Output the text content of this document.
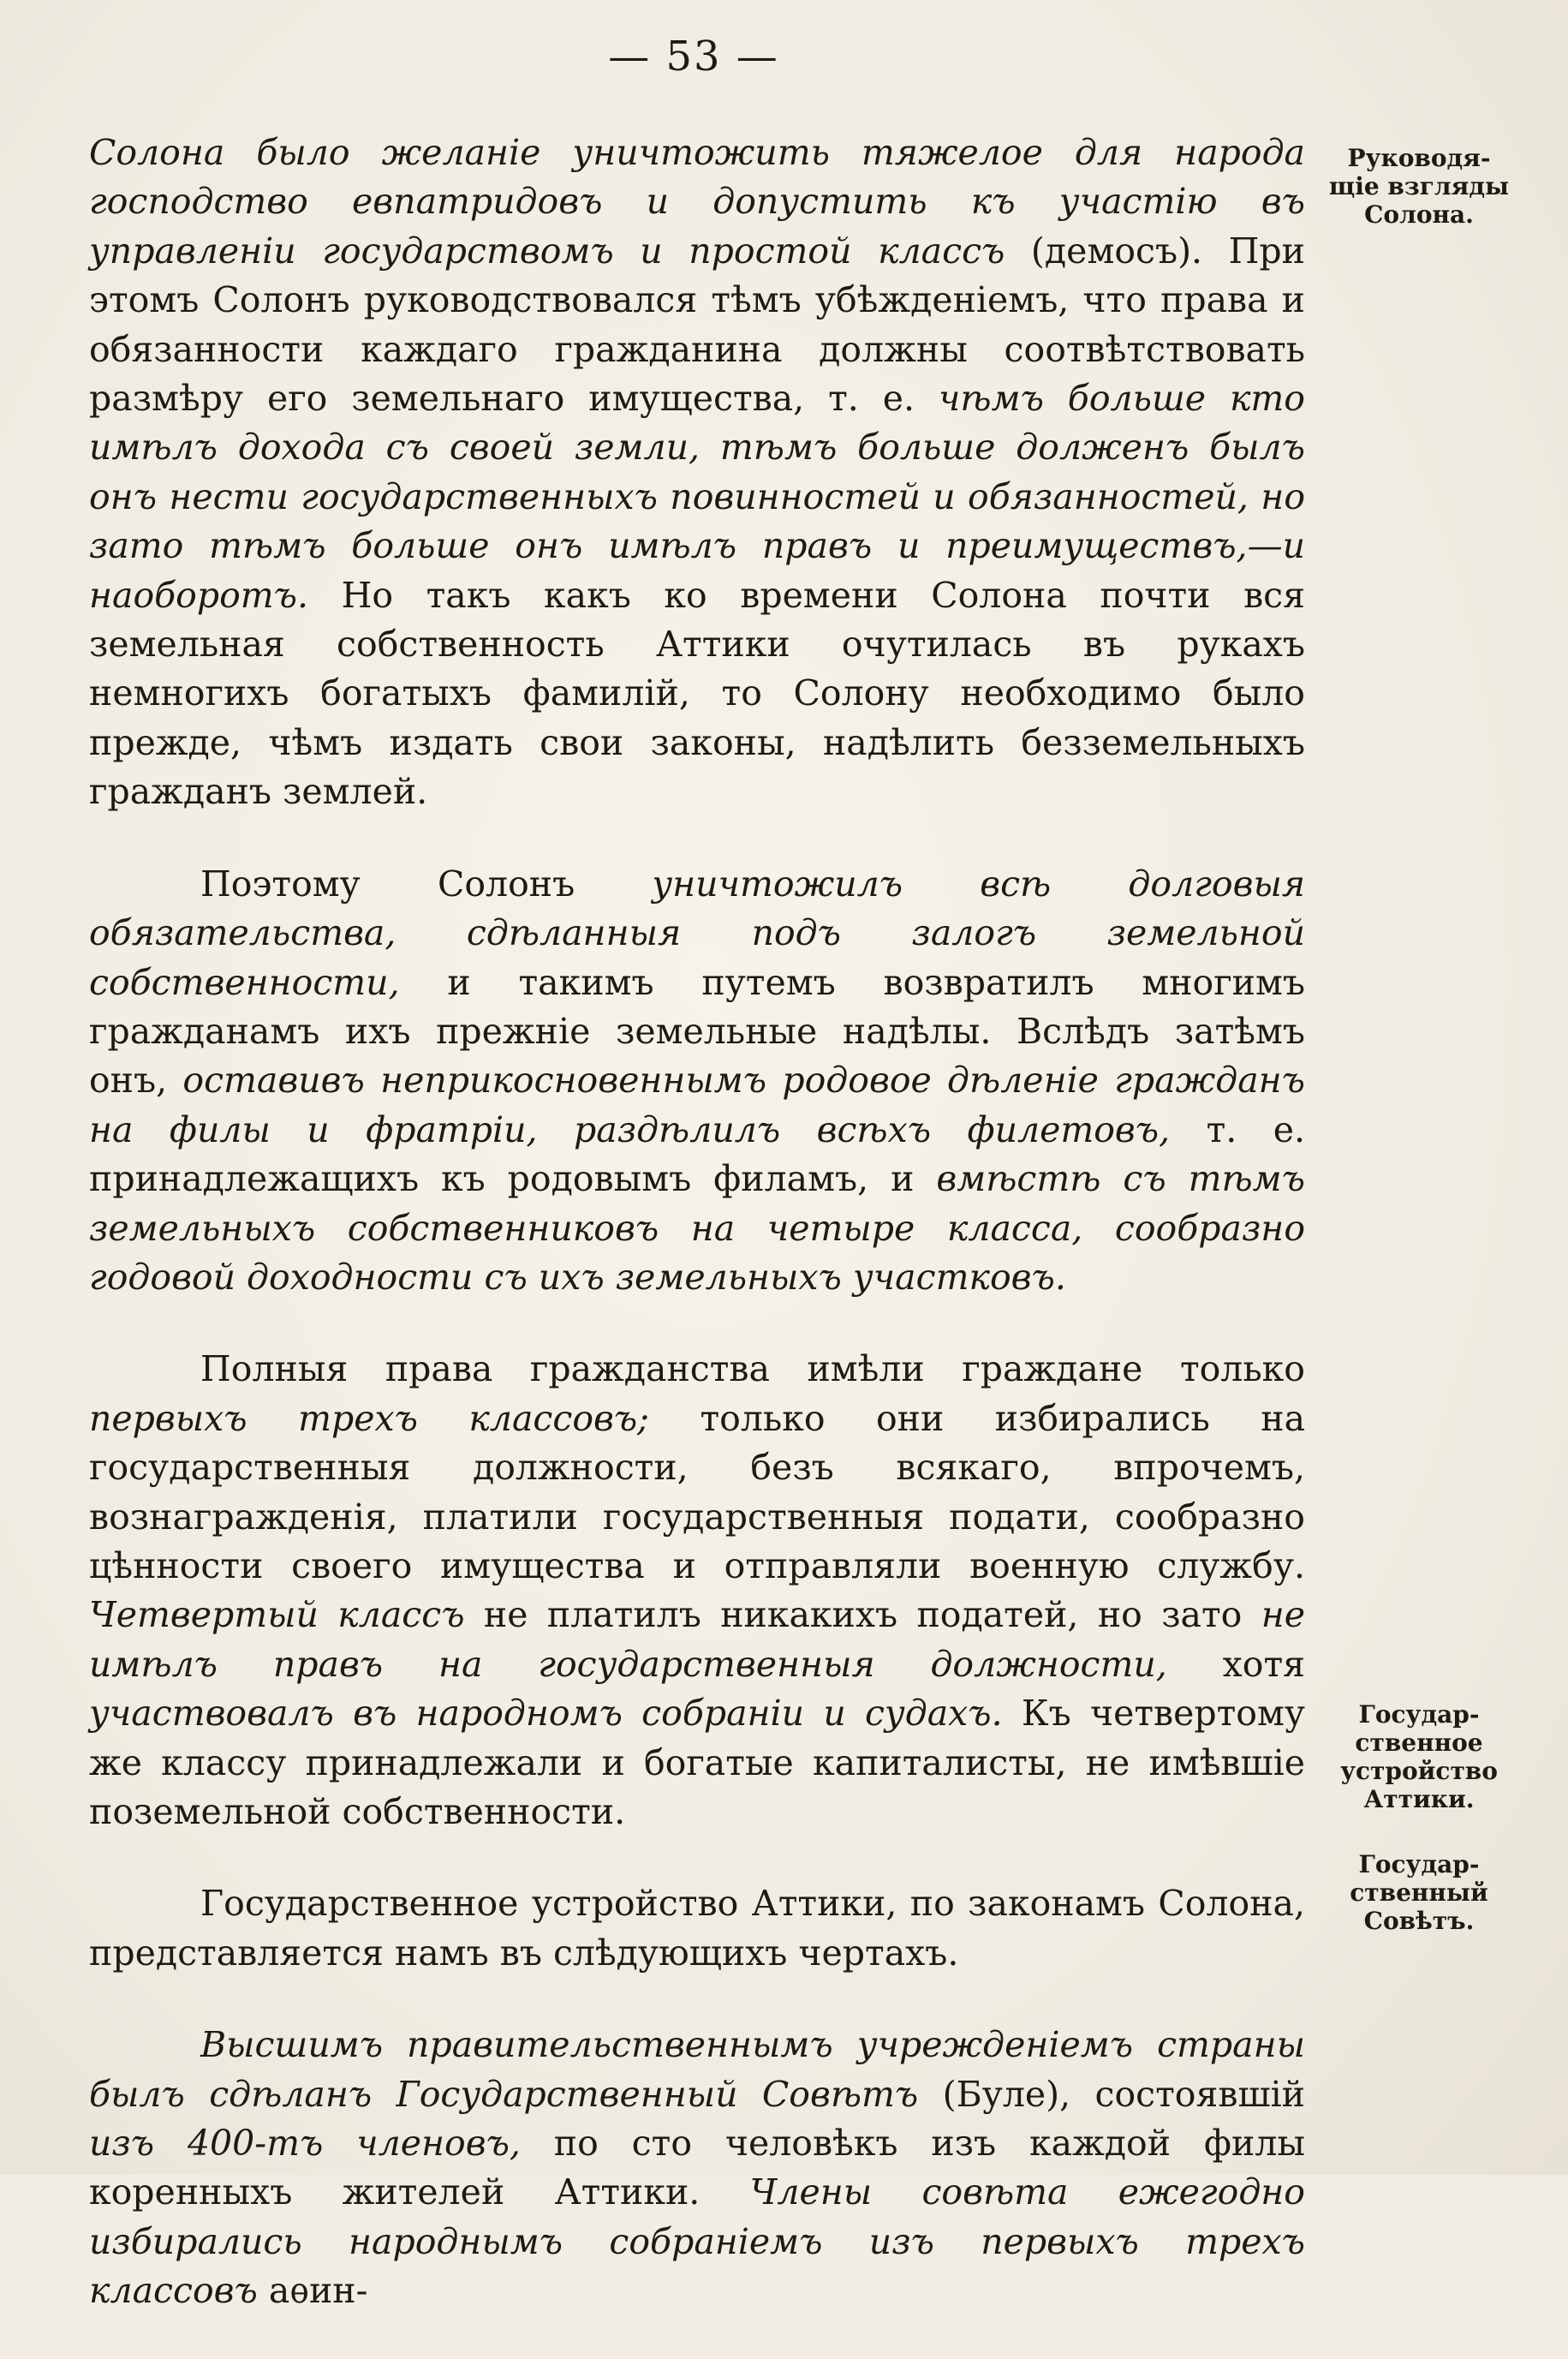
— 53 —

Солона было желаніе уничтожить тяжелое для народа господство евпатридовъ и допустить къ участію въ управленіи государствомъ и простой классъ (демосъ). При этомъ Солонъ руководствовался тѣмъ убѣжденіемъ, что права и обязанности каждаго гражданина должны соотвѣтствовать размѣру его земельнаго имущества, т. е. чѣмъ больше кто имѣлъ дохода съ своей земли, тѣмъ больше долженъ былъ онъ нести государственныхъ повинностей и обязанностей, но зато тѣмъ больше онъ имѣлъ правъ и преимуществъ,—и наоборотъ. Но такъ какъ ко времени Солона почти вся земельная собственность Аттики очутилась въ рукахъ немногихъ богатыхъ фамилій, то Солону необходимо было прежде, чѣмъ издать свои законы, надѣлить безземельныхъ гражданъ землей.

Поэтому Солонъ уничтожилъ всѣ долговыя обязательства, сдѣланныя подъ залогъ земельной собственности, и такимъ путемъ возвратилъ многимъ гражданамъ ихъ прежніе земельные надѣлы. Вслѣдъ затѣмъ онъ, оставивъ неприкосновеннымъ родовое дѣленіе гражданъ на филы и фратріи, раздѣлилъ всѣхъ филетовъ, т. е. принадлежащихъ къ родовымъ филамъ, и вмѣстѣ съ тѣмъ земельныхъ собственниковъ на четыре класса, сообразно годовой доходности съ ихъ земельныхъ участковъ.

Полныя права гражданства имѣли граждане только первыхъ трехъ классовъ; только они избирались на государственныя должности, безъ всякаго, впрочемъ, вознагражденія, платили государственныя подати, сообразно цѣнности своего имущества и отправляли военную службу. Четвертый классъ не платилъ никакихъ податей, но зато не имѣлъ правъ на государственныя должности, хотя участвовалъ въ народномъ собраніи и судахъ. Къ четвертому же классу принадлежали и богатые капиталисты, не имѣвшіе поземельной собственности.

Государственное устройство Аттики, по законамъ Солона, представляется намъ въ слѣдующихъ чертахъ.

Высшимъ правительственнымъ учрежденіемъ страны былъ сдѣланъ Государственный Совѣтъ (Буле), состоявшій изъ 400-тъ членовъ, по сто человѣкъ изъ каждой филы коренныхъ жителей Аттики. Члены совѣта ежегодно избирались народнымъ собраніемъ изъ первыхъ трехъ классовъ аѳин-

Руководя-щіе взгляды Солона.
Государ-ственное устройство Аттики.
Государ-ственный Совѣтъ.
